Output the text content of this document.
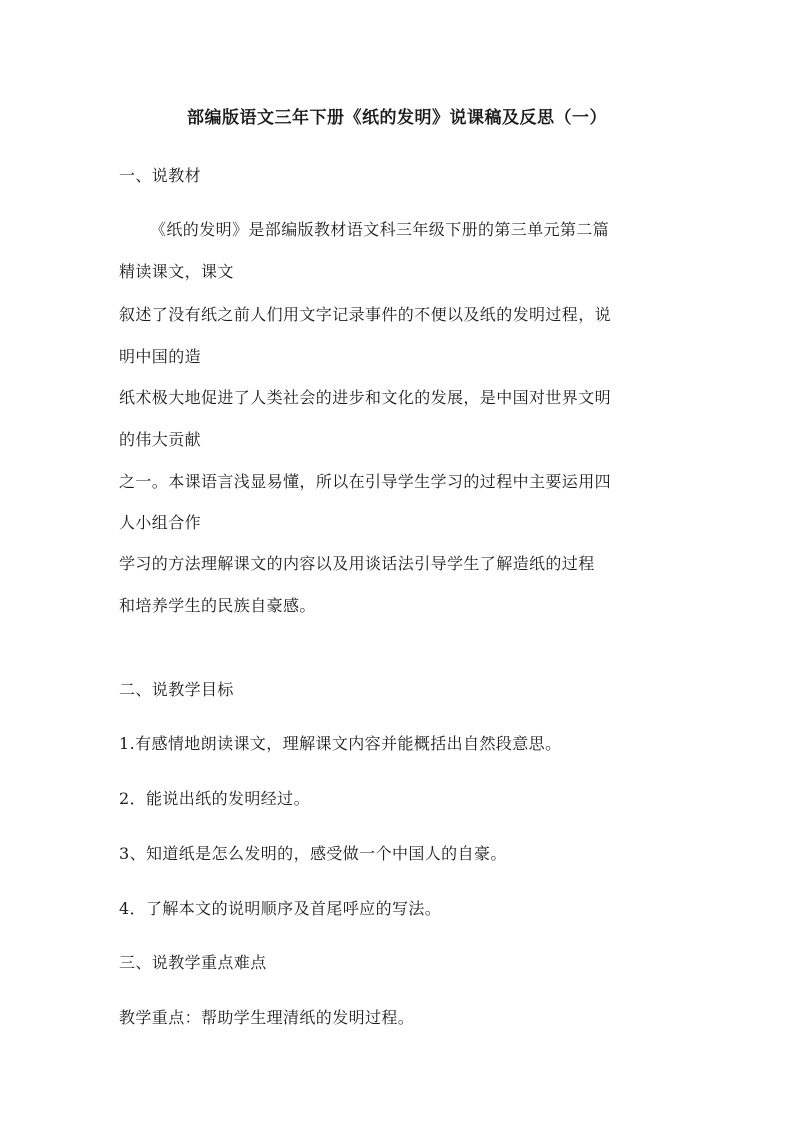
部编版语文三年下册《纸的发明》说课稿及反思（一）
一、说教材
《纸的发明》是部编版教材语文科三年级下册的第三单元第二篇
精读课文，课文
叙述了没有纸之前人们用文字记录事件的不便以及纸的发明过程，说
明中国的造
纸术极大地促进了人类社会的进步和文化的发展，是中国对世界文明
的伟大贡献
之一。本课语言浅显易懂，所以在引导学生学习的过程中主要运用四
人小组合作
学习的方法理解课文的内容以及用谈话法引导学生了解造纸的过程
和培养学生的民族自豪感。
二、说教学目标
1.有感情地朗读课文，理解课文内容并能概括出自然段意思。
2．能说出纸的发明经过。
3、知道纸是怎么发明的，感受做一个中国人的自豪。
4．了解本文的说明顺序及首尾呼应的写法。
三、说教学重点难点
教学重点：帮助学生理清纸的发明过程。
